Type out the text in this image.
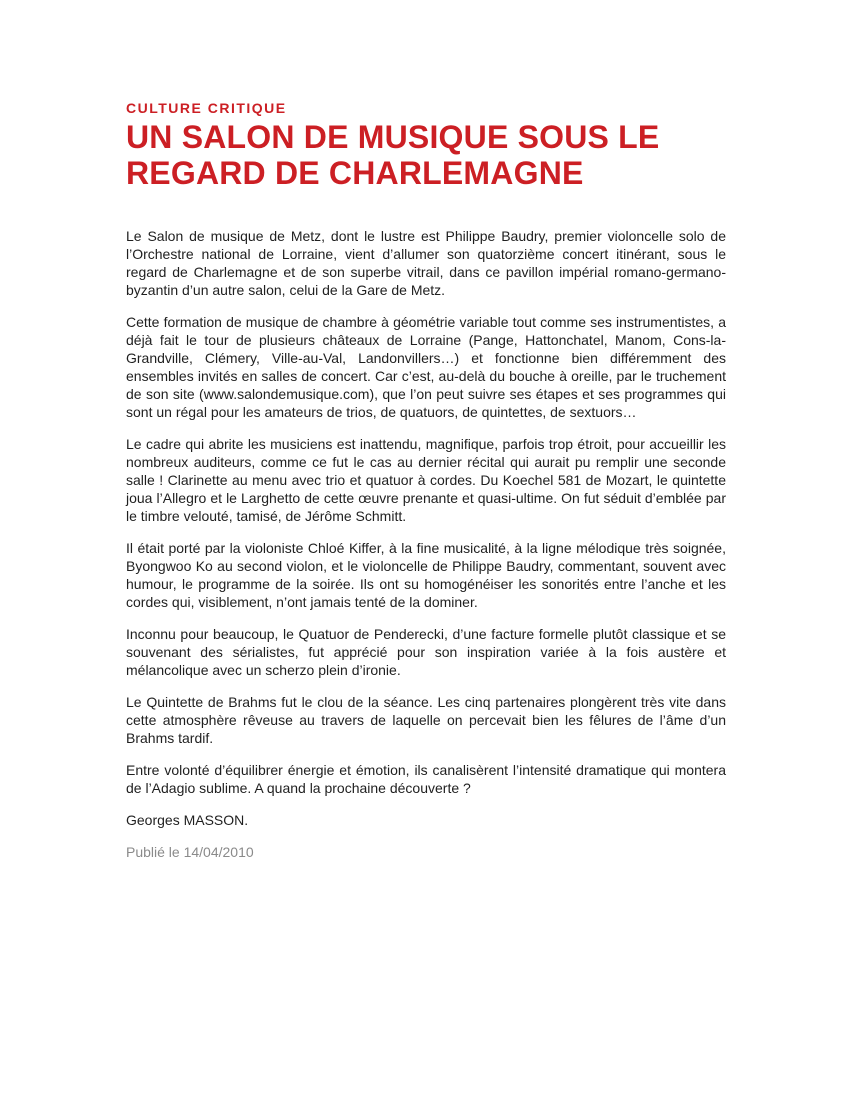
CULTURE CRITIQUE
UN SALON DE MUSIQUE SOUS LE REGARD DE CHARLEMAGNE

Le Salon de musique de Metz, dont le lustre est Philippe Baudry, premier violoncelle solo de l’Orchestre national de Lorraine, vient d’allumer son quatorzième concert itinérant, sous le regard de Charlemagne et de son superbe vitrail, dans ce pavillon impérial romano-germano-byzantin d’un autre salon, celui de la Gare de Metz.

Cette formation de musique de chambre à géométrie variable tout comme ses instrumentistes, a déjà fait le tour de plusieurs châteaux de Lorraine (Pange, Hattonchatel, Manom, Cons-la-Grandville, Clémery, Ville-au-Val, Landonvillers…) et fonctionne bien différemment des ensembles invités en salles de concert. Car c’est, au-delà du bouche à oreille, par le truchement de son site (www.salondemusique.com), que l’on peut suivre ses étapes et ses programmes qui sont un régal pour les amateurs de trios, de quatuors, de quintettes, de sextuors…

Le cadre qui abrite les musiciens est inattendu, magnifique, parfois trop étroit, pour accueillir les nombreux auditeurs, comme ce fut le cas au dernier récital qui aurait pu remplir une seconde salle ! Clarinette au menu avec trio et quatuor à cordes. Du Koechel 581 de Mozart, le quintette joua l’Allegro et le Larghetto de cette œuvre prenante et quasi-ultime. On fut séduit d’emblée par le timbre velouté, tamisé, de Jérôme Schmitt.

Il était porté par la violoniste Chloé Kiffer, à la fine musicalité, à la ligne mélodique très soignée, Byongwoo Ko au second violon, et le violoncelle de Philippe Baudry, commentant, souvent avec humour, le programme de la soirée. Ils ont su homogénéiser les sonorités entre l’anche et les cordes qui, visiblement, n’ont jamais tenté de la dominer.

Inconnu pour beaucoup, le Quatuor de Penderecki, d’une facture formelle plutôt classique et se souvenant des sérialistes, fut apprécié pour son inspiration variée à la fois austère et mélancolique avec un scherzo plein d’ironie.

Le Quintette de Brahms fut le clou de la séance. Les cinq partenaires plongèrent très vite dans cette atmosphère rêveuse au travers de laquelle on percevait bien les fêlures de l’âme d’un Brahms tardif.

Entre volonté d’équilibrer énergie et émotion, ils canalisèrent l’intensité dramatique qui montera de l’Adagio sublime. A quand la prochaine découverte ?

Georges MASSON.
Publié le 14/04/2010
